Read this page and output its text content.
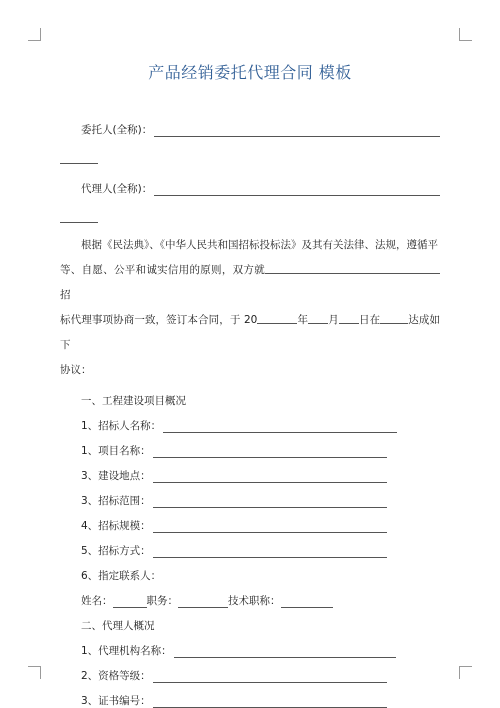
产品经销委托代理合同 模板
委托人(全称)：
代理人(全称)：
根据《民法典》、《中华人民共和国招标投标法》及其有关法律、法规，遵循平
等、自愿、公平和诚实信用的原则，双方就招
标代理事项协商一致，签订本合同，于 20	年 月 日在	达成如下
协议：
一、工程建设项目概况
1、招标人名称：
1、项目名称：
3、建设地点：
3、招标范围：
4、招标规模：
5、招标方式：
6、指定联系人：
姓名：	职务：	技术职称：
二、代理人概况
1、代理机构名称：
2、资格等级：
3、证书编号：
